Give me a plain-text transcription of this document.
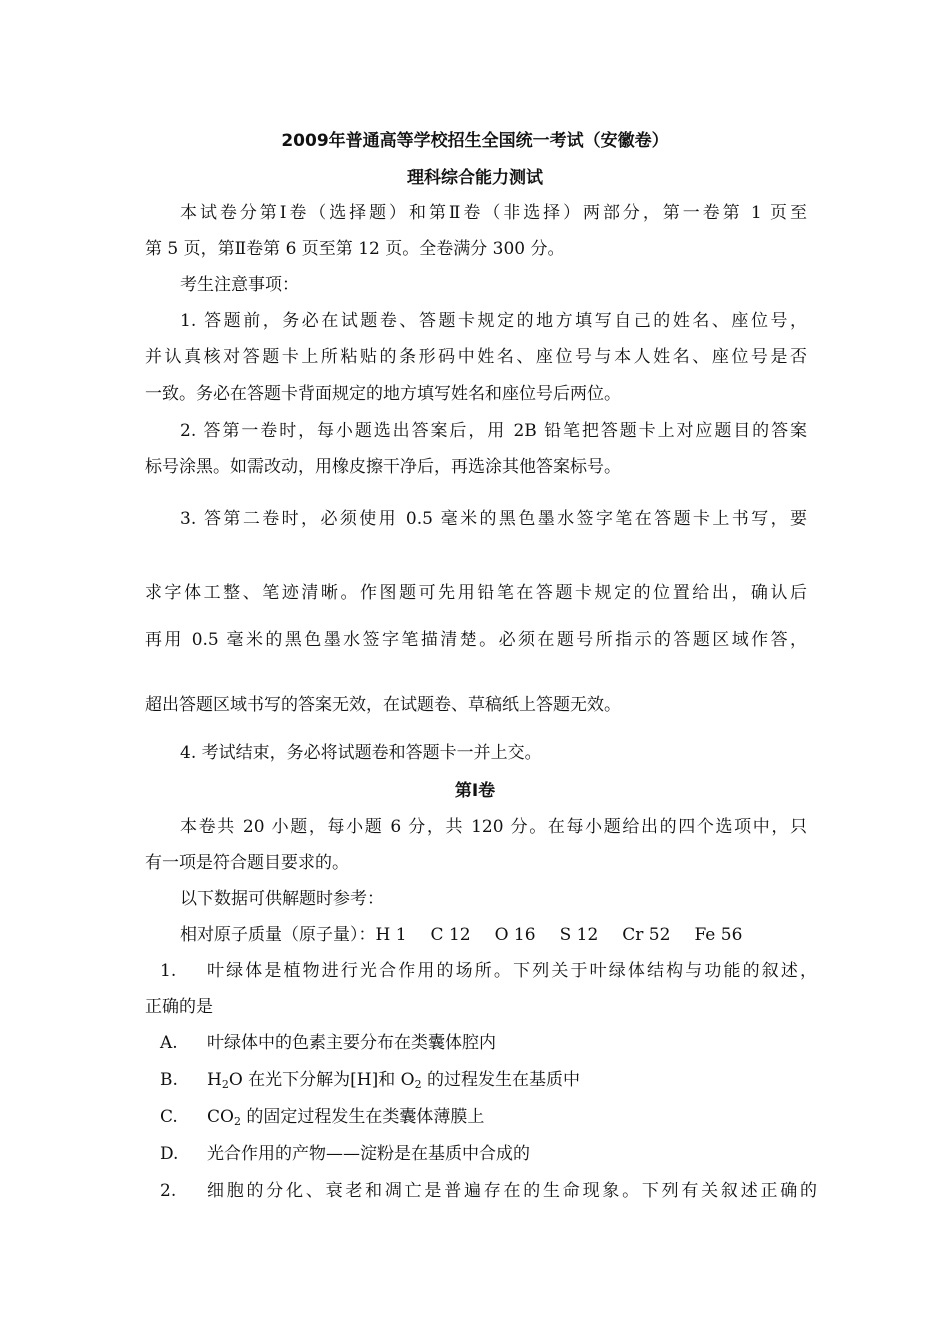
2009年普通高等学校招生全国统一考试（安徽卷）
理科综合能力测试
本试卷分第Ⅰ卷（选择题）和第Ⅱ卷（非选择）两部分，第一卷第 1 页至
第 5 页，第Ⅱ卷第 6 页至第 12 页。全卷满分 300 分。
考生注意事项：
1. 答题前，务必在试题卷、答题卡规定的地方填写自己的姓名、座位号，
并认真核对答题卡上所粘贴的条形码中姓名、座位号与本人姓名、座位号是否
一致。务必在答题卡背面规定的地方填写姓名和座位号后两位。
2. 答第一卷时，每小题选出答案后，用 2B 铅笔把答题卡上对应题目的答案
标号涂黑。如需改动，用橡皮擦干净后，再选涂其他答案标号。
3. 答第二卷时，必须使用 0.5 毫米的黑色墨水签字笔在答题卡上书写，要
求字体工整、笔迹清晰。作图题可先用铅笔在答题卡规定的位置给出，确认后
再用 0.5 毫米的黑色墨水签字笔描清楚。必须在题号所指示的答题区域作答，
超出答题区域书写的答案无效，在试题卷、草稿纸上答题无效。
4. 考试结束，务必将试题卷和答题卡一并上交。
第Ⅰ卷
本卷共 20 小题，每小题 6 分，共 120 分。在每小题给出的四个选项中，只
有一项是符合题目要求的。
以下数据可供解题时参考：
相对原子质量（原子量）：H 1 C 12 O 16 S 12 Cr 52 Fe 56
1. 叶绿体是植物进行光合作用的场所。下列关于叶绿体结构与功能的叙述，
正确的是
A. 叶绿体中的色素主要分布在类囊体腔内
B. $H_2O$ 在光下分解为[H]和 $O_2$ 的过程发生在基质中
C. $CO_2$ 的固定过程发生在类囊体薄膜上
D. 光合作用的产物——淀粉是在基质中合成的
2. 细胞的分化、衰老和凋亡是普遍存在的生命现象。下列有关叙述正确的
